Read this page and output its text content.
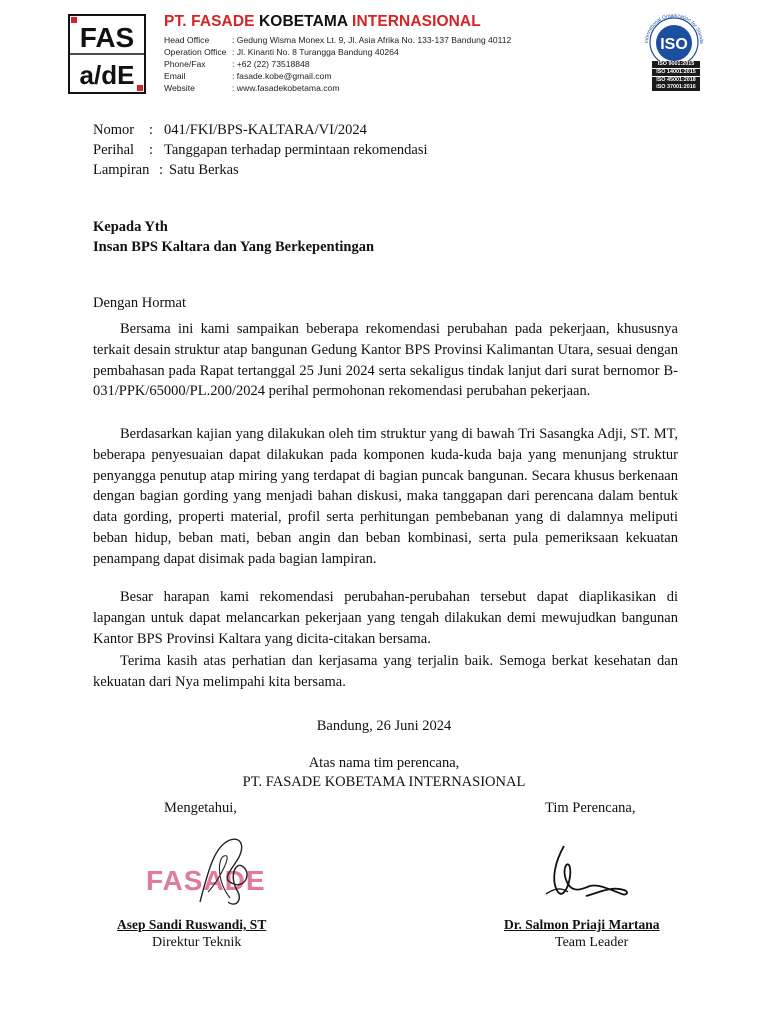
FAS
a/dE
PT. FASADE KOBETAMA INTERNASIONAL
Head Office	: Gedung Wisma Monex Lt. 9, Jl. Asia Afrika No. 133-137 Bandung 40112
Operation Office : Jl. Kinanti No. 8 Turangga Bandung 40264
Phone/Fax	: +62 (22) 73518848
Email	: fasade.kobe@gmail.com
Website	: www.fasadekobetama.com
International Organization for Standa
ISO
ISO 9001:2015
ISO 14001:2015
ISO 45001:2018
ISO 37001:2016
Nomor	: 041/FKI/BPS-KALTARA/VI/2024
Perihal	: Tanggapan terhadap permintaan rekomendasi
Lampiran : Satu Berkas
Kepada Yth
Insan BPS Kaltara dan Yang Berkepentingan
Dengan Hormat
Bersama ini kami sampaikan beberapa rekomendasi perubahan pada pekerjaan, khususnya terkait desain struktur atap bangunan Gedung Kantor BPS Provinsi Kalimantan Utara, sesuai dengan pembahasan pada Rapat tertanggal 25 Juni 2024 serta sekaligus tindak lanjut dari surat bernomor B-031/PPK/65000/PL.200/2024 perihal permohonan rekomendasi perubahan pekerjaan.
Berdasarkan kajian yang dilakukan oleh tim struktur yang di bawah Tri Sasangka Adji, ST. MT, beberapa penyesuaian dapat dilakukan pada komponen kuda-kuda baja yang menunjang struktur penyangga penutup atap miring yang terdapat di bagian puncak bangunan. Secara khusus berkenaan dengan bagian gording yang menjadi bahan diskusi, maka tanggapan dari perencana dalam bentuk data gording, properti material, profil serta perhitungan pembebanan yang di dalamnya meliputi beban hidup, beban mati, beban angin dan beban kombinasi, serta pula pemeriksaan kekuatan penampang dapat disimak pada bagian lampiran.
Besar harapan kami rekomendasi perubahan-perubahan tersebut dapat diaplikasikan di lapangan untuk dapat melancarkan pekerjaan yang tengah dilakukan demi mewujudkan bangunan Kantor BPS Provinsi Kaltara yang dicita-citakan bersama.
Terima kasih atas perhatian dan kerjasama yang terjalin baik. Semoga berkat kesehatan dan kekuatan dari Nya melimpahi kita bersama.
Bandung, 26 Juni 2024
Atas nama tim perencana,
PT. FASADE KOBETAMA INTERNASIONAL
Mengetahui,	Tim Perencana,
FASADE
Asep Sandi Ruswandi, ST
Direktur Teknik
Dr. Salmon Priaji Martana
Team Leader
